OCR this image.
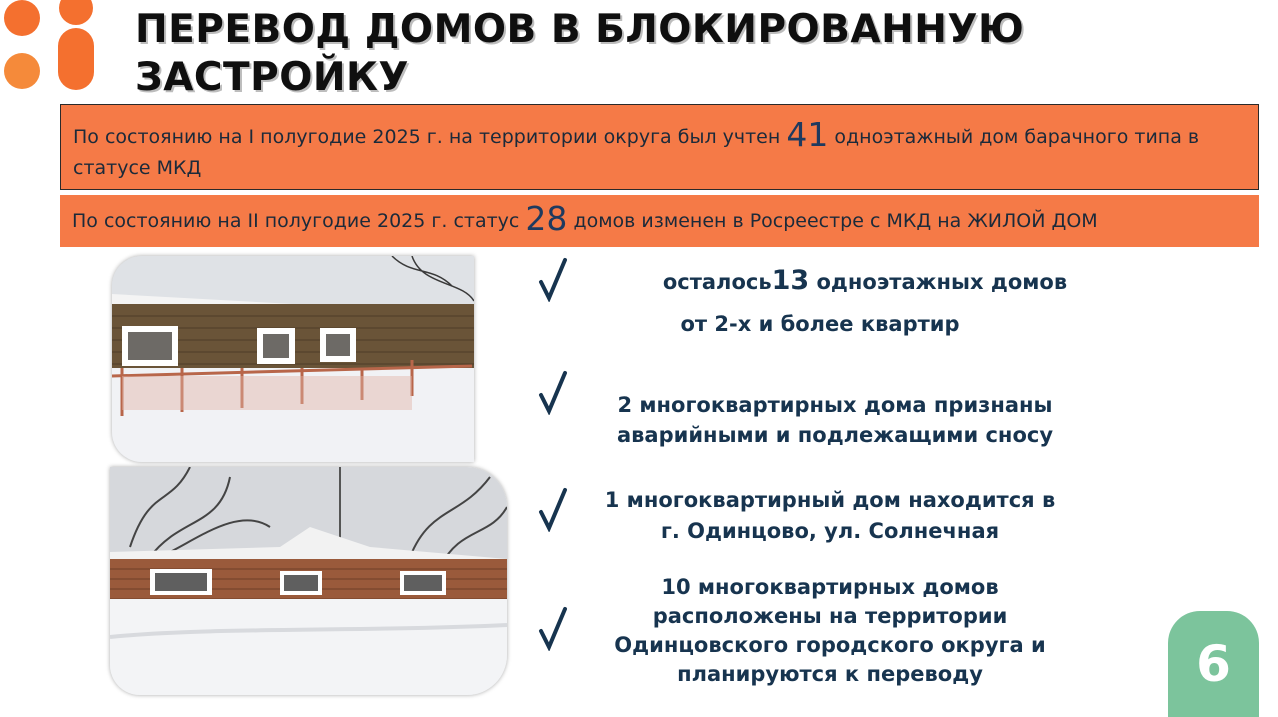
ПЕРЕВОД ДОМОВ В БЛОКИРОВАННУЮ
ЗАСТРОЙКУ
По состоянию на I полугодие 2025 г. на территории округа был учтен 41 одноэтажный дом барачного типа в статусе МКД
По состоянию на II полугодие 2025 г. статус 28 домов изменен в Росреестре с МКД на ЖИЛОЙ ДОМ
осталось13 одноэтажных домов
от 2-х и более квартир
2 многоквартирных дома признаны
аварийными и подлежащими сносу
1 многоквартирный дом находится в
г. Одинцово, ул. Солнечная
10 многоквартирных домов
расположены на территории
Одинцовского городского округа и
планируются к переводу	6
